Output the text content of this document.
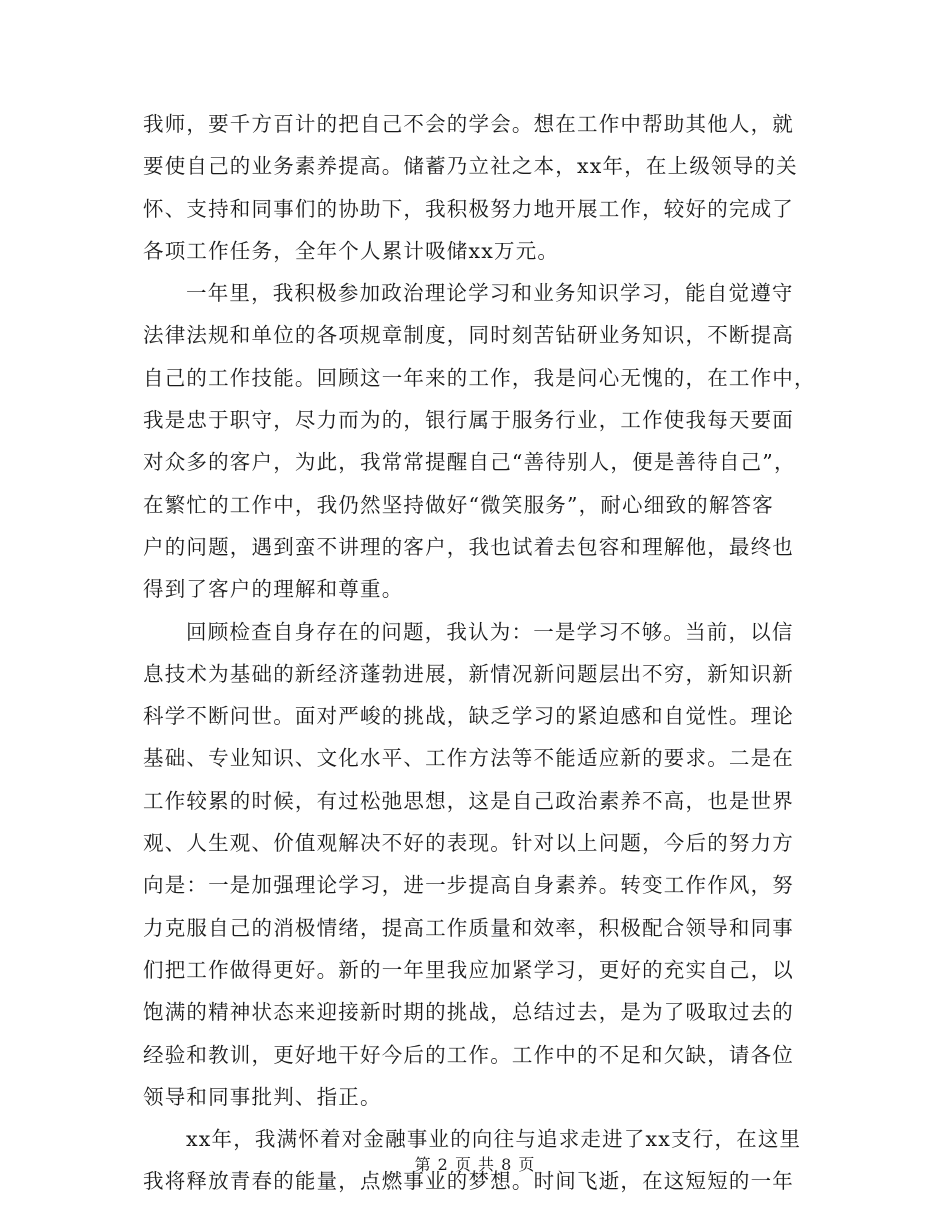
我师，要千方百计的把自己不会的学会。想在工作中帮助其他人，就
要使自己的业务素养提高。储蓄乃立社之本，xx年，在上级领导的关
怀、支持和同事们的协助下，我积极努力地开展工作，较好的完成了
各项工作任务，全年个人累计吸储xx万元。
一年里，我积极参加政治理论学习和业务知识学习，能自觉遵守
法律法规和单位的各项规章制度，同时刻苦钻研业务知识，不断提高
自己的工作技能。回顾这一年来的工作，我是问心无愧的，在工作中，
我是忠于职守，尽力而为的，银行属于服务行业，工作使我每天要面
对众多的客户，为此，我常常提醒自己“善待别人，便是善待自己”，
在繁忙的工作中，我仍然坚持做好“微笑服务”，耐心细致的解答客
户的问题，遇到蛮不讲理的客户，我也试着去包容和理解他，最终也
得到了客户的理解和尊重。
回顾检查自身存在的问题，我认为：一是学习不够。当前，以信
息技术为基础的新经济蓬勃进展，新情况新问题层出不穷，新知识新
科学不断问世。面对严峻的挑战，缺乏学习的紧迫感和自觉性。理论
基础、专业知识、文化水平、工作方法等不能适应新的要求。二是在
工作较累的时候，有过松弛思想，这是自己政治素养不高，也是世界
观、人生观、价值观解决不好的表现。针对以上问题，今后的努力方
向是：一是加强理论学习，进一步提高自身素养。转变工作作风，努
力克服自己的消极情绪，提高工作质量和效率，积极配合领导和同事
们把工作做得更好。新的一年里我应加紧学习，更好的充实自己，以
饱满的精神状态来迎接新时期的挑战，总结过去，是为了吸取过去的
经验和教训，更好地干好今后的工作。工作中的不足和欠缺，请各位
领导和同事批判、指正。
xx年，我满怀着对金融事业的向往与追求走进了xx支行，在这里
我将释放青春的能量，点燃事业的梦想。时间飞逝，在这短短的一年
第 2 页 共 8 页
